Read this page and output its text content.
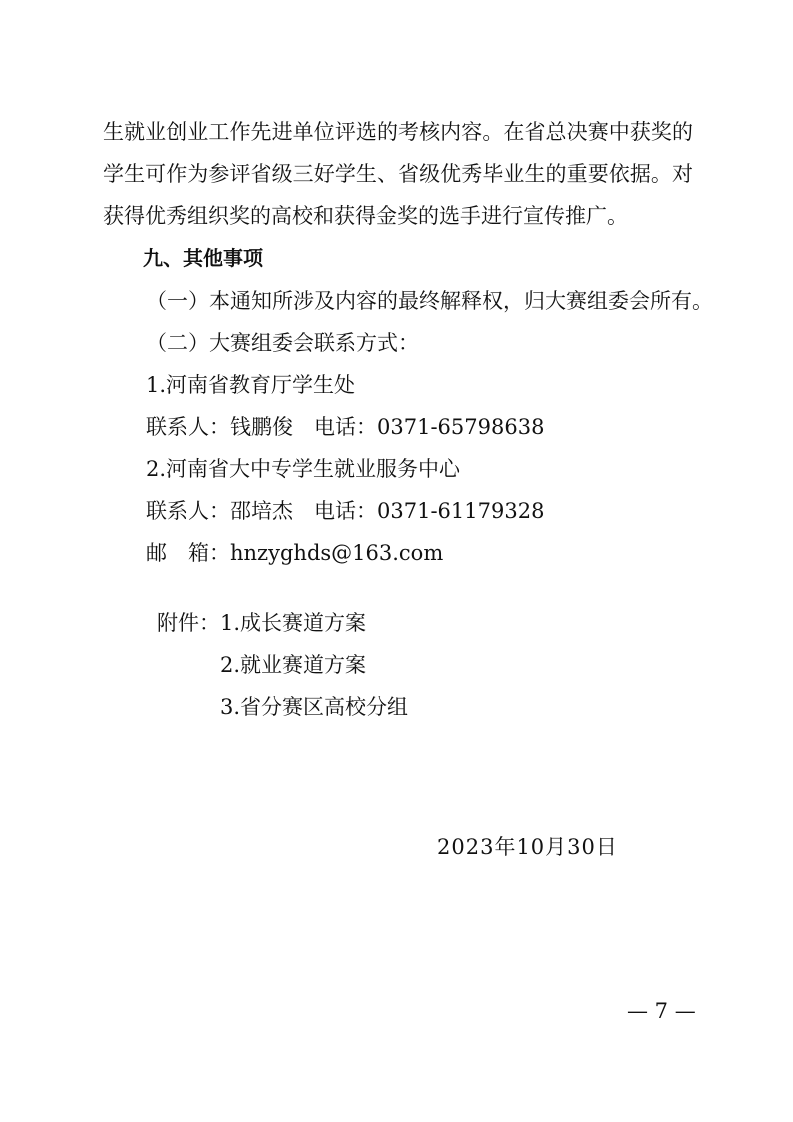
生就业创业工作先进单位评选的考核内容。在省总决赛中获奖的
学生可作为参评省级三好学生、省级优秀毕业生的重要依据。对
获得优秀组织奖的高校和获得金奖的选手进行宣传推广。
九、其他事项
（一）本通知所涉及内容的最终解释权，归大赛组委会所有。
（二）大赛组委会联系方式：
1.河南省教育厅学生处
联系人：钱鹏俊　电话：0371-65798638
2.河南省大中专学生就业服务中心
联系人：邵培杰　电话：0371-61179328
邮　箱：hnzyghds@163.com
附件： 1.成长赛道方案
2.就业赛道方案
3.省分赛区高校分组
2023年10月30日
— 7 —
